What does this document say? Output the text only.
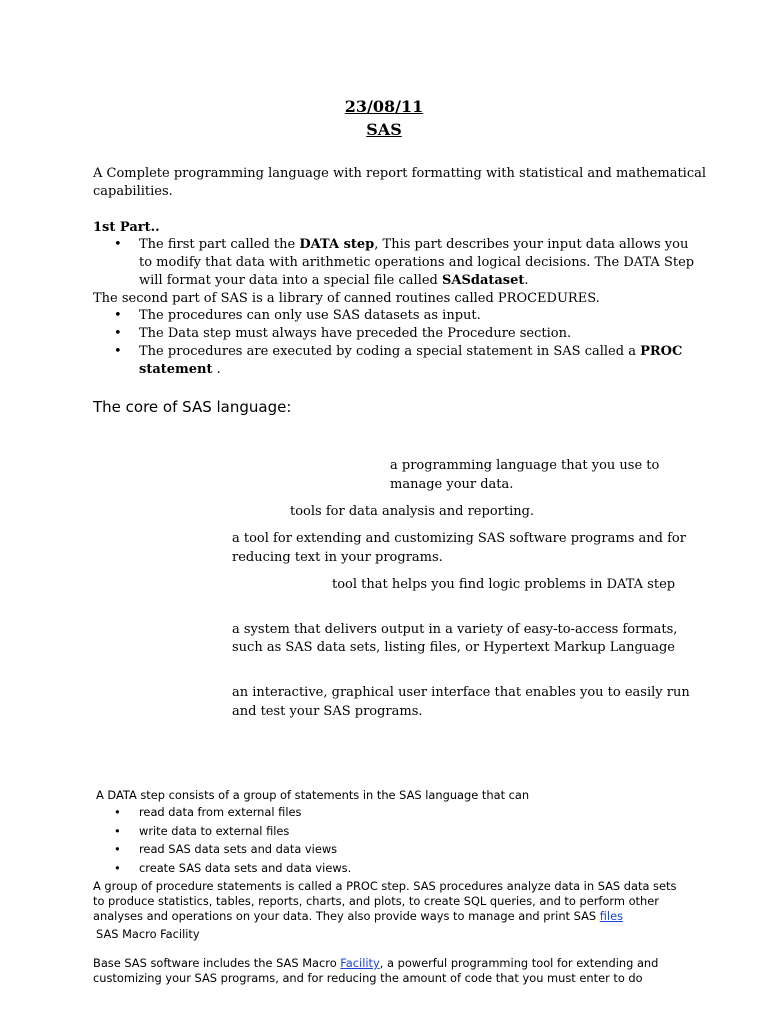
23/08/11
SAS
A Complete programming language with report formatting with statistical and mathematical
capabilities.
1st Part..
• The first part called the DATA step, This part describes your input data allows you
to modify that data with arithmetic operations and logical decisions. The DATA Step
will format your data into a special file called SASdataset.
The second part of SAS is a library of canned routines called PROCEDURES.
• The procedures can only use SAS datasets as input.
• The Data step must always have preceded the Procedure section.
• The procedures are executed by coding a special statement in SAS called a PROC
statement .
The core of SAS language:
a programming language that you use to
manage your data.
tools for data analysis and reporting.
a tool for extending and customizing SAS software programs and for
reducing text in your programs.
tool that helps you find logic problems in DATA step
a system that delivers output in a variety of easy-to-access formats,
such as SAS data sets, listing files, or Hypertext Markup Language
an interactive, graphical user interface that enables you to easily run
and test your SAS programs.
A DATA step consists of a group of statements in the SAS language that can
• read data from external files
• write data to external files
• read SAS data sets and data views
• create SAS data sets and data views.
A group of procedure statements is called a PROC step. SAS procedures analyze data in SAS data sets
to produce statistics, tables, reports, charts, and plots, to create SQL queries, and to perform other
analyses and operations on your data. They also provide ways to manage and print SAS files
SAS Macro Facility
Base SAS software includes the SAS Macro Facility, a powerful programming tool for extending and
customizing your SAS programs, and for reducing the amount of code that you must enter to do
